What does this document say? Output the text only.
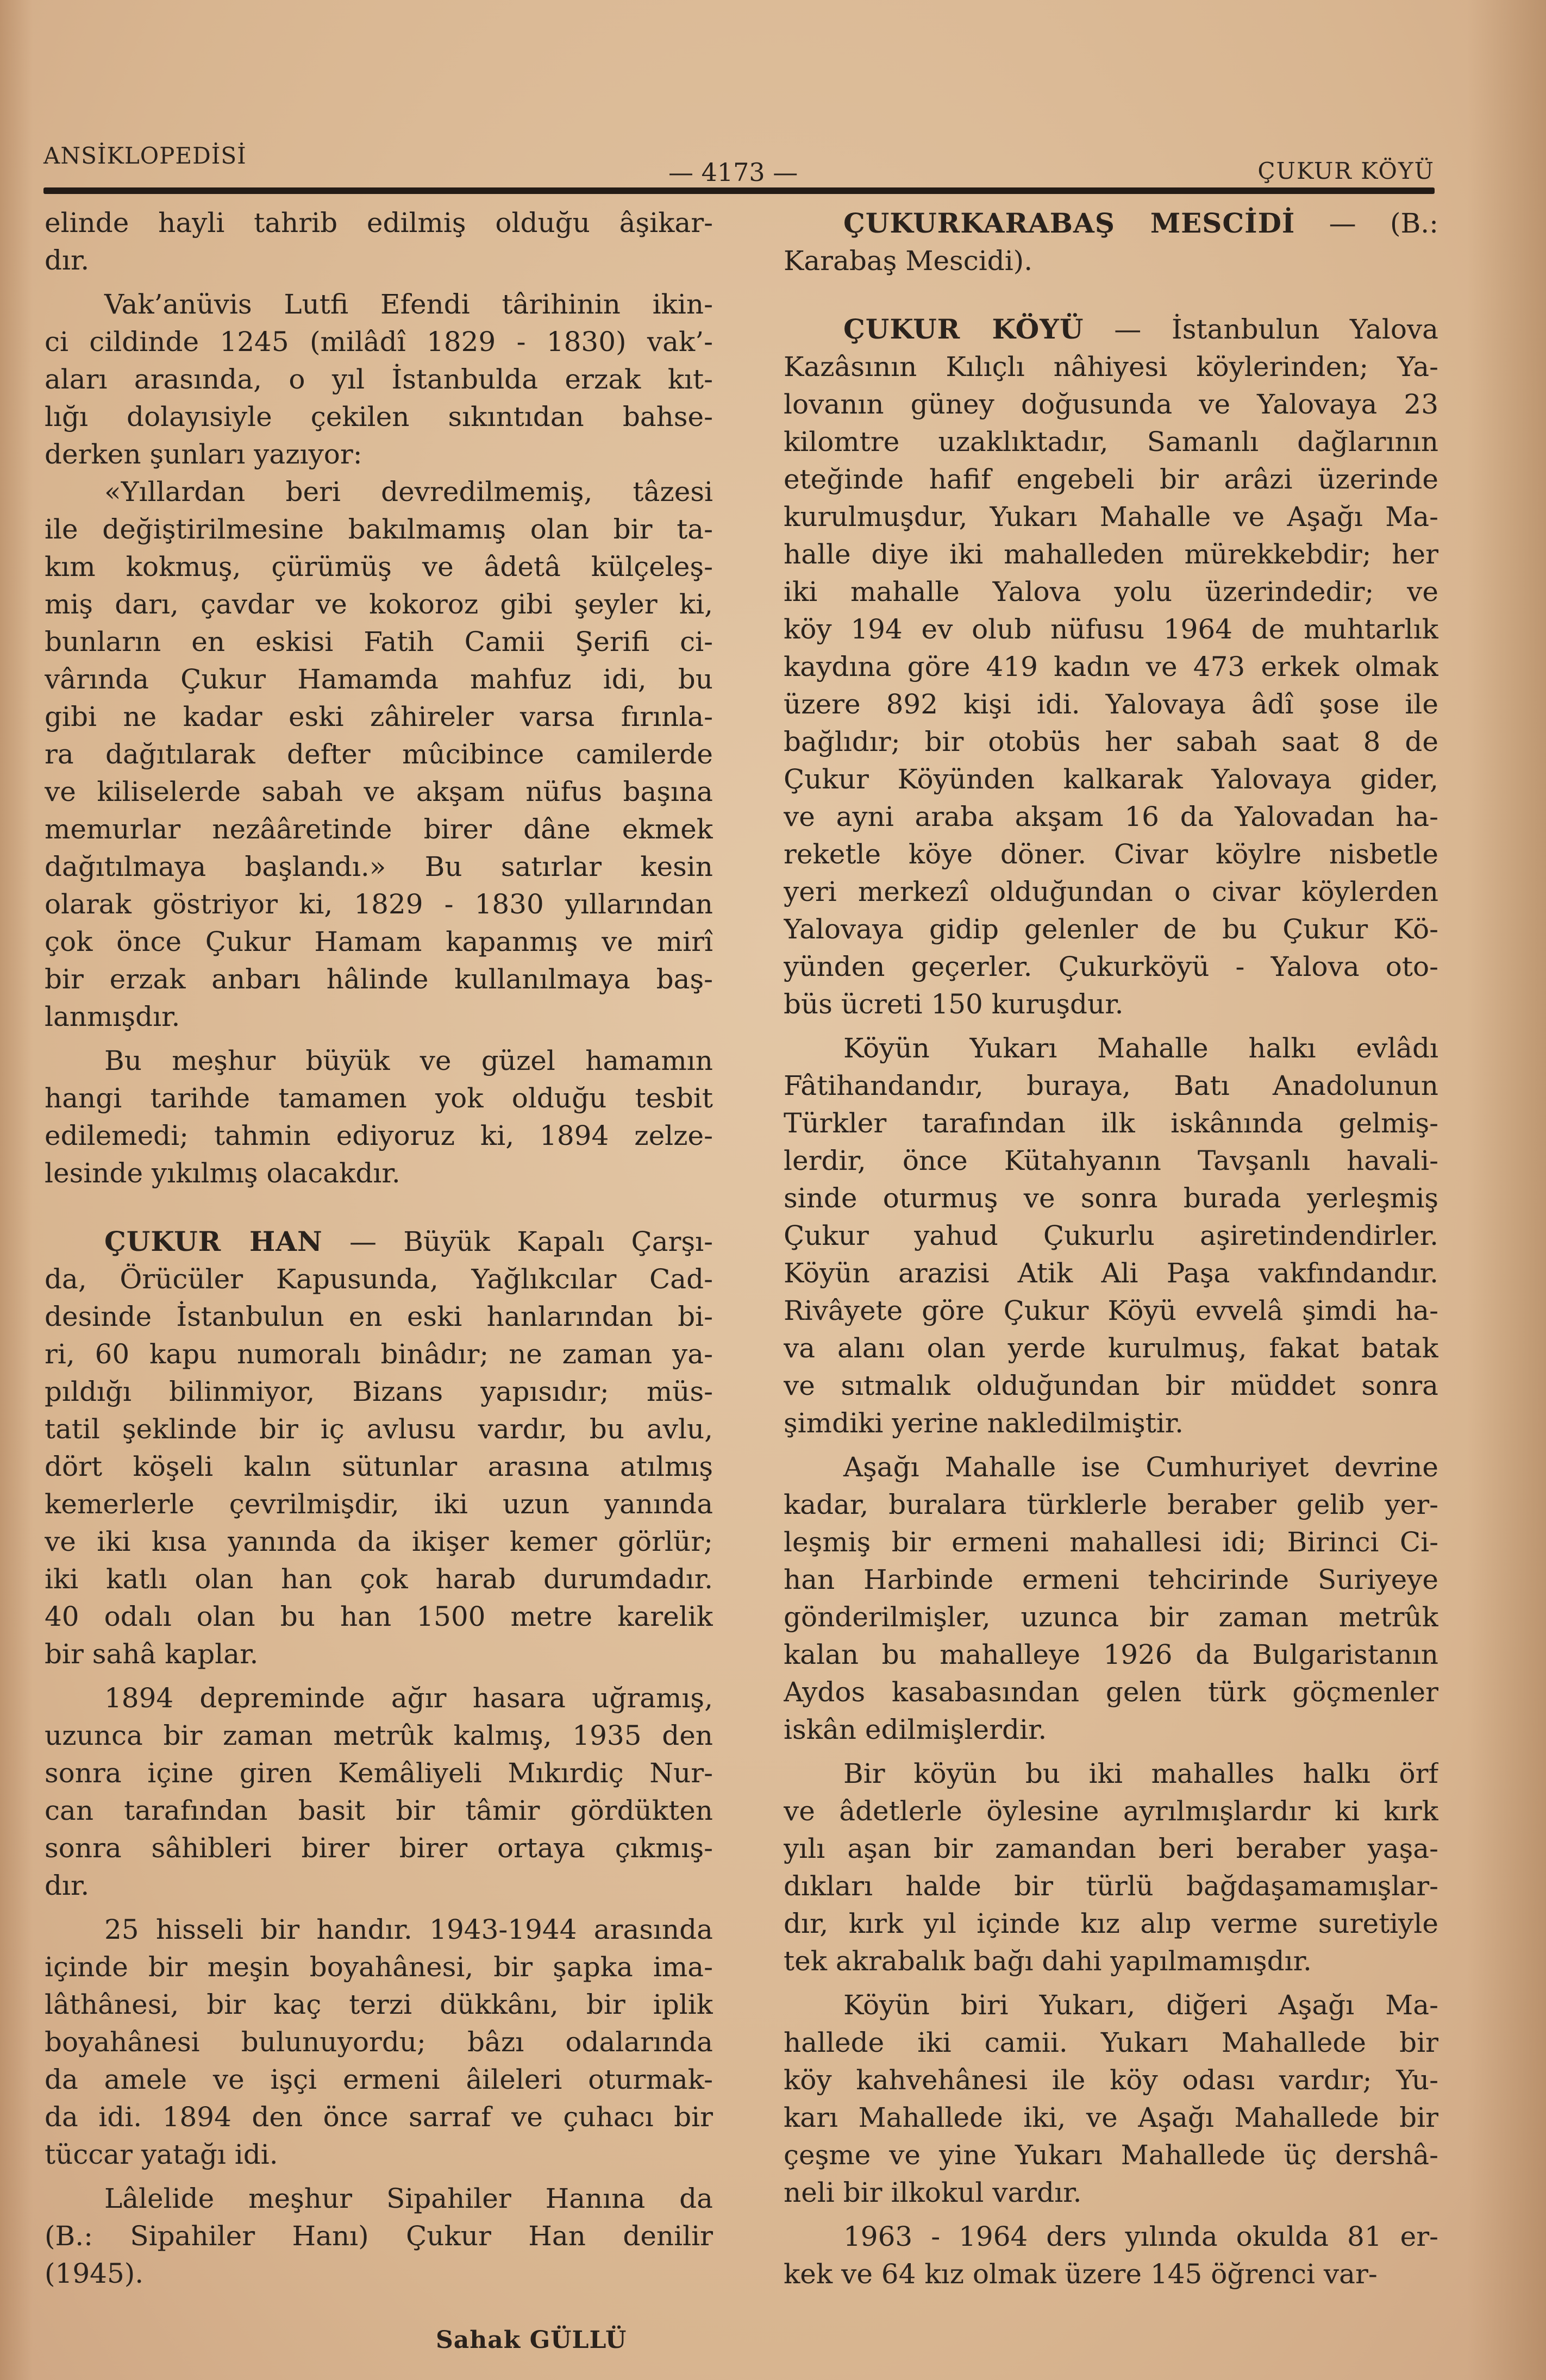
ANSİKLOPEDİSİ
— 4173 —	ÇUKUR KÖYÜ
elinde hayli tahrib edilmiş olduğu âşikar-
dır.
Vak’anüvis Lutfi Efendi târihinin ikin-
ci cildinde 1245 (milâdî 1829 - 1830) vak’-
aları arasında, o yıl İstanbulda erzak kıt-
lığı dolayısiyle çekilen sıkıntıdan bahse-
derken şunları yazıyor:
«Yıllardan beri devredilmemiş, tâzesi
ile değiştirilmesine bakılmamış olan bir ta-
kım kokmuş, çürümüş ve âdetâ külçeleş-
miş darı, çavdar ve kokoroz gibi şeyler ki,
bunların en eskisi Fatih Camii Şerifi ci-
vârında Çukur Hamamda mahfuz idi, bu
gibi ne kadar eski zâhireler varsa fırınla-
ra dağıtılarak defter mûcibince camilerde
ve kiliselerde sabah ve akşam nüfus başına
memurlar nezââretinde birer dâne ekmek
dağıtılmaya başlandı.» Bu satırlar kesin
olarak göstriyor ki, 1829 - 1830 yıllarından
çok önce Çukur Hamam kapanmış ve mirî
bir erzak anbarı hâlinde kullanılmaya baş-
lanmışdır.
Bu meşhur büyük ve güzel hamamın
hangi tarihde tamamen yok olduğu tesbit
edilemedi; tahmin ediyoruz ki, 1894 zelze-
lesinde yıkılmış olacakdır.
ÇUKUR HAN — Büyük Kapalı Çarşı-
da, Örücüler Kapusunda, Yağlıkcılar Cad-
desinde İstanbulun en eski hanlarından bi-
ri, 60 kapu numoralı binâdır; ne zaman ya-
pıldığı bilinmiyor, Bizans yapısıdır; müs-
tatil şeklinde bir iç avlusu vardır, bu avlu,
dört köşeli kalın sütunlar arasına atılmış
kemerlerle çevrilmişdir, iki uzun yanında
ve iki kısa yanında da ikişer kemer görlür;
iki katlı olan han çok harab durumdadır.
40 odalı olan bu han 1500 metre karelik
bir sahâ kaplar.
1894 depreminde ağır hasara uğramış,
uzunca bir zaman metrûk kalmış, 1935 den
sonra içine giren Kemâliyeli Mıkırdiç Nur-
can tarafından basit bir tâmir gördükten
sonra sâhibleri birer birer ortaya çıkmış-
dır.
25 hisseli bir handır. 1943-1944 arasında
içinde bir meşin boyahânesi, bir şapka ima-
lâthânesi, bir kaç terzi dükkânı, bir iplik
boyahânesi bulunuyordu; bâzı odalarında
da amele ve işçi ermeni âileleri oturmak-
da idi. 1894 den önce sarraf ve çuhacı bir
tüccar yatağı idi.
Lâlelide meşhur Sipahiler Hanına da
(B.: Sipahiler Hanı) Çukur Han denilir
(1945).
Sahak GÜLLÜ
ÇUKURKARABAŞ MESCİDİ — (B.:
Karabaş Mescidi).
ÇUKUR KÖYÜ — İstanbulun Yalova
Kazâsının Kılıçlı nâhiyesi köylerinden; Ya-
lovanın güney doğusunda ve Yalovaya 23
kilomtre uzaklıktadır, Samanlı dağlarının
eteğinde hafif engebeli bir arâzi üzerinde
kurulmuşdur, Yukarı Mahalle ve Aşağı Ma-
halle diye iki mahalleden mürekkebdir; her
iki mahalle Yalova yolu üzerindedir; ve
köy 194 ev olub nüfusu 1964 de muhtarlık
kaydına göre 419 kadın ve 473 erkek olmak
üzere 892 kişi idi. Yalovaya âdî şose ile
bağlıdır; bir otobüs her sabah saat 8 de
Çukur Köyünden kalkarak Yalovaya gider,
ve ayni araba akşam 16 da Yalovadan ha-
reketle köye döner. Civar köylre nisbetle
yeri merkezî olduğundan o civar köylerden
Yalovaya gidip gelenler de bu Çukur Kö-
yünden geçerler. Çukurköyü - Yalova oto-
büs ücreti 150 kuruşdur.
Köyün Yukarı Mahalle halkı evlâdı
Fâtihandandır, buraya, Batı Anadolunun
Türkler tarafından ilk iskânında gelmiş-
lerdir, önce Kütahyanın Tavşanlı havali-
sinde oturmuş ve sonra burada yerleşmiş
Çukur yahud Çukurlu aşiretindendirler.
Köyün arazisi Atik Ali Paşa vakfındandır.
Rivâyete göre Çukur Köyü evvelâ şimdi ha-
va alanı olan yerde kurulmuş, fakat batak
ve sıtmalık olduğundan bir müddet sonra
şimdiki yerine nakledilmiştir.
Aşağı Mahalle ise Cumhuriyet devrine
kadar, buralara türklerle beraber gelib yer-
leşmiş bir ermeni mahallesi idi; Birinci Ci-
han Harbinde ermeni tehcirinde Suriyeye
gönderilmişler, uzunca bir zaman metrûk
kalan bu mahalleye 1926 da Bulgaristanın
Aydos kasabasından gelen türk göçmenler
iskân edilmişlerdir.
Bir köyün bu iki mahalles halkı örf
ve âdetlerle öylesine ayrılmışlardır ki kırk
yılı aşan bir zamandan beri beraber yaşa-
dıkları halde bir türlü bağdaşamamışlar-
dır, kırk yıl içinde kız alıp verme suretiyle
tek akrabalık bağı dahi yapılmamışdır.
Köyün biri Yukarı, diğeri Aşağı Ma-
hallede iki camii. Yukarı Mahallede bir
köy kahvehânesi ile köy odası vardır; Yu-
karı Mahallede iki, ve Aşağı Mahallede bir
çeşme ve yine Yukarı Mahallede üç dershâ-
neli bir ilkokul vardır.
1963 - 1964 ders yılında okulda 81 er-
kek ve 64 kız olmak üzere 145 öğrenci var-
